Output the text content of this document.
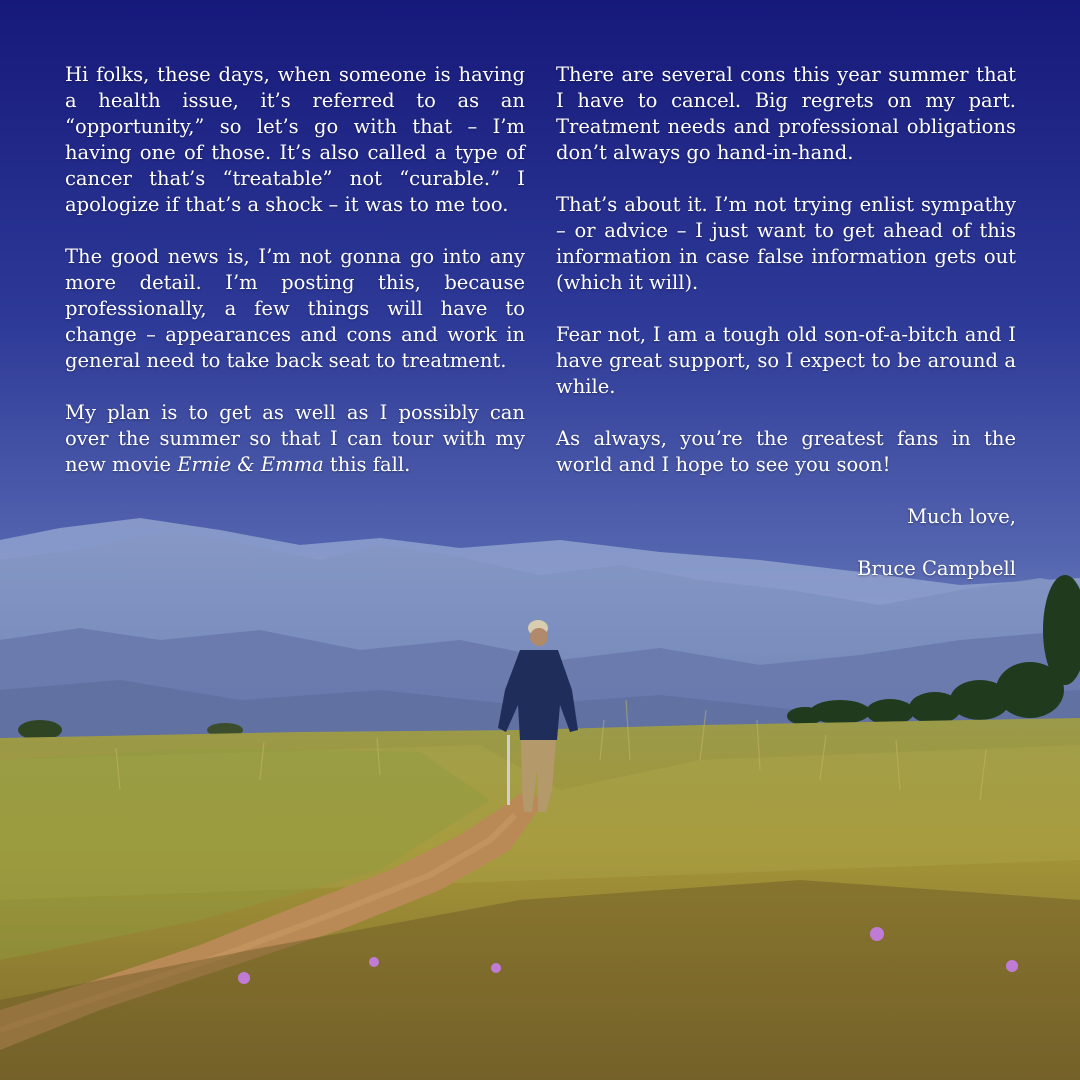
Hi folks, these days, when someone is having a health issue, it’s referred to as an “opportunity,” so let’s go with that – I’m having one of those. It’s also called a type of cancer that’s “treatable” not “curable.” I apologize if that’s a shock – it was to me too.

The good news is, I’m not gonna go into any more detail. I’m posting this, because professionally, a few things will have to change – appearances and cons and work in general need to take back seat to treatment.

My plan is to get as well as I possibly can over the summer so that I can tour with my new movie Ernie & Emma this fall.

There are several cons this year summer that I have to cancel. Big regrets on my part. Treatment needs and professional obligations don’t always go hand-in-hand.

That’s about it. I’m not trying enlist sympathy – or advice – I just want to get ahead of this information in case false information gets out (which it will).

Fear not, I am a tough old son-of-a-bitch and I have great support, so I expect to be around a while.

As always, you’re the greatest fans in the world and I hope to see you soon!

Much love,

Bruce Campbell
